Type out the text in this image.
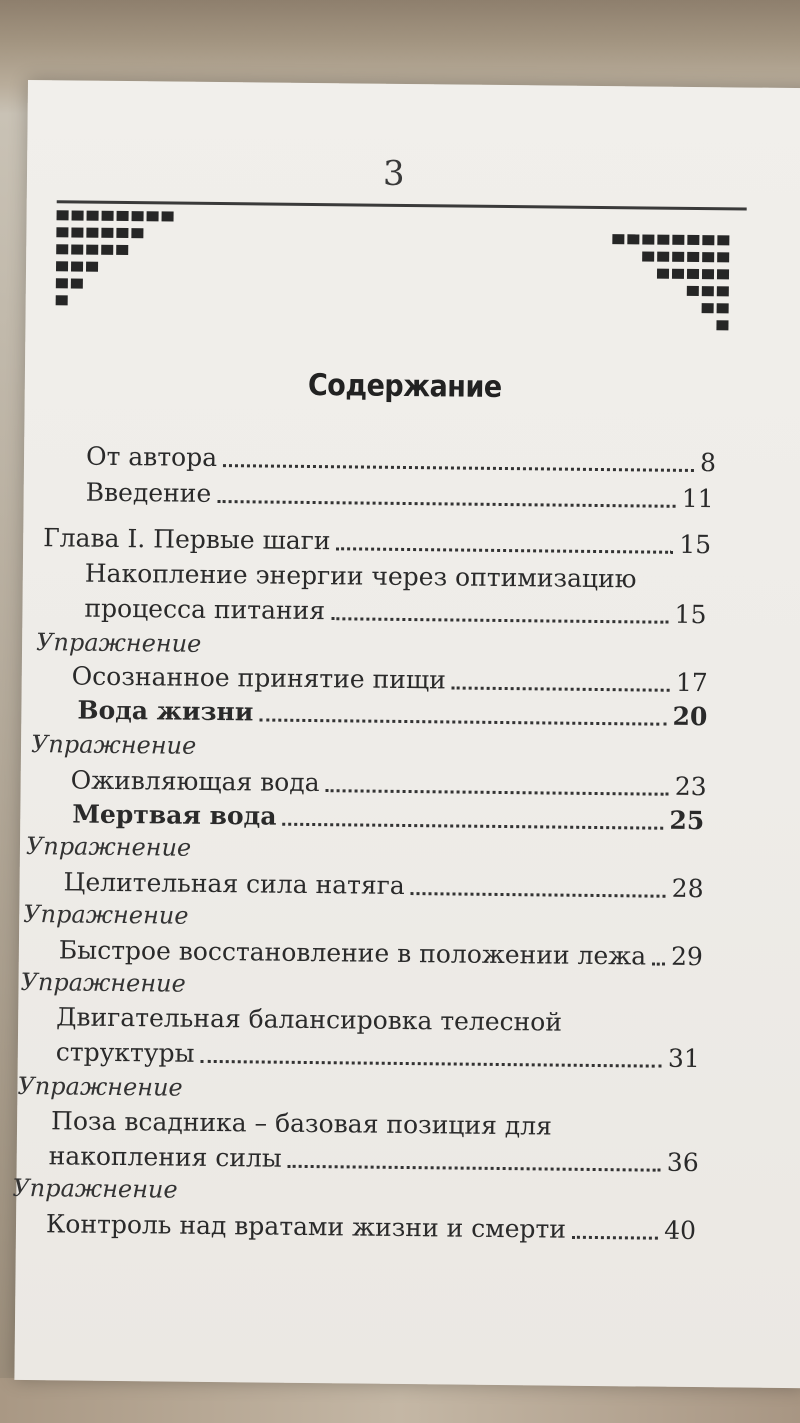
3
Содержание
От автора	8
Введение	11
Глава I. Первые шаги	15
Накопление энергии через оптимизацию
процесса питания	15
Упражнение
Осознанное принятие пищи	17
Вода жизни	20
Упражнение
Оживляющая вода	23
Мертвая вода	25
Упражнение
Целительная сила натяга	28
Упражнение
Быстрое восстановление в положении лежа 29
Упражнение
Двигательная балансировка телесной
структуры	31
Упражнение
Поза всадника – базовая позиция для
накопления силы	36
Упражнение
Контроль над вратами жизни и смерти	40
